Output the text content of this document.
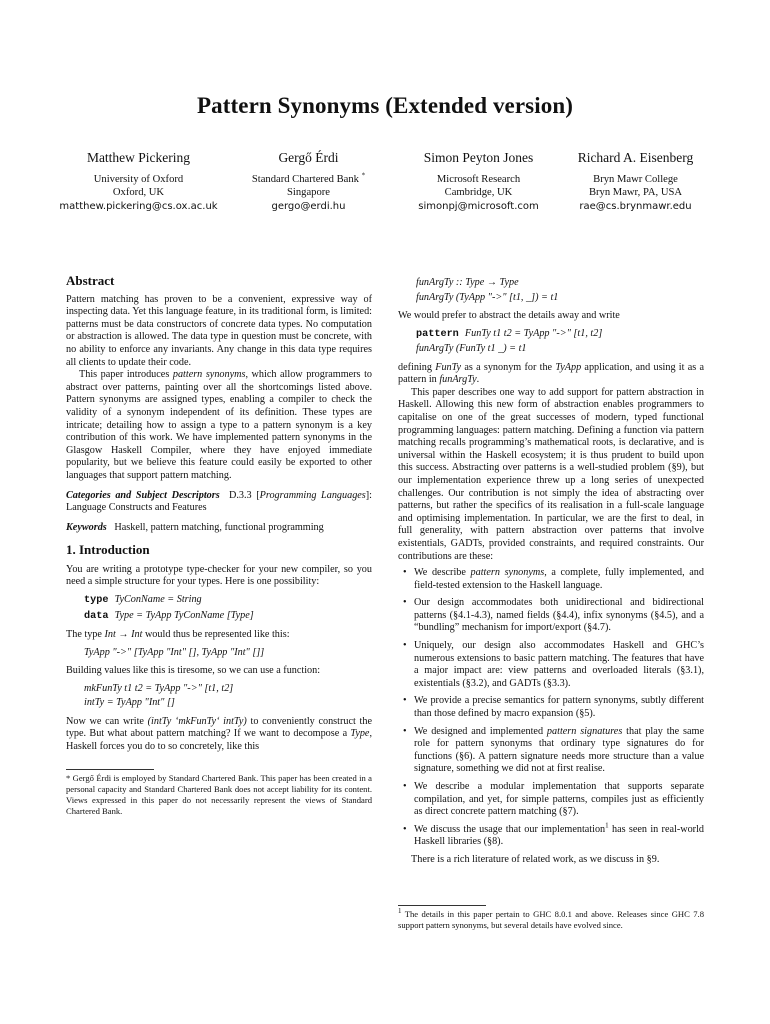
Pattern Synonyms (Extended version)
Matthew Pickering
University of Oxford
Oxford, UK
matthew.pickering@cs.ox.ac.uk
Gergő Érdi
Standard Chartered Bank *
Singapore
gergo@erdi.hu
Simon Peyton Jones
Microsoft Research
Cambridge, UK
simonpj@microsoft.com
Richard A. Eisenberg
Bryn Mawr College
Bryn Mawr, PA, USA
rae@cs.brynmawr.edu
Abstract

Pattern matching has proven to be a convenient, expressive way of inspecting data. Yet this language feature, in its traditional form, is limited: patterns must be data constructors of concrete data types. No computation or abstraction is allowed. The data type in question must be concrete, with no ability to enforce any invariants. Any change in this data type requires all clients to update their code.

This paper introduces pattern synonyms, which allow programmers to abstract over patterns, painting over all the shortcomings listed above. Pattern synonyms are assigned types, enabling a compiler to check the validity of a synonym independent of its definition. These types are intricate; detailing how to assign a type to a pattern synonym is a key contribution of this work. We have implemented pattern synonyms in the Glasgow Haskell Compiler, where they have enjoyed immediate popularity, but we believe this feature could easily be exported to other languages that support pattern matching.

Categories and Subject Descriptors D.3.3 [Programming Languages]: Language Constructs and Features

Keywords Haskell, pattern matching, functional programming

1. Introduction

You are writing a prototype type-checker for your new compiler, so you need a simple structure for your types. Here is one possibility:

type TyConName = String
data Type = TyApp TyConName [Type]

The type Int → Int would thus be represented like this:

TyApp "->" [TyApp "Int" [], TyApp "Int" []]

Building values like this is tiresome, so we can use a function:

mkFunTy t1 t2 = TyApp "->" [t1, t2]
intTy = TyApp "Int" []

Now we can write (intTy ‘mkFunTy‘ intTy) to conveniently construct the type. But what about pattern matching? If we want to decompose a Type, Haskell forces you do to so concretely, like this

* Gergő Érdi is employed by Standard Chartered Bank. This paper has been created in a personal capacity and Standard Chartered Bank does not accept liability for its content. Views expressed in this paper do not necessarily represent the views of Standard Chartered Bank.

funArgTy :: Type → Type
funArgTy (TyApp "->" [t1, _]) = t1

We would prefer to abstract the details away and write

pattern FunTy t1 t2 = TyApp "->" [t1, t2]
funArgTy (FunTy t1 _) = t1

defining FunTy as a synonym for the TyApp application, and using it as a pattern in funArgTy.

This paper describes one way to add support for pattern abstraction in Haskell. Allowing this new form of abstraction enables programmers to capitalise on one of the great successes of modern, typed functional programming languages: pattern matching. Defining a function via pattern matching recalls programming’s mathematical roots, is declarative, and is universal within the Haskell ecosystem; it is thus prudent to build upon this success. Abstracting over patterns is a well-studied problem (§9), but our implementation experience threw up a long series of unexpected challenges. Our contribution is not simply the idea of abstracting over patterns, but rather the specifics of its realisation in a full-scale language and optimising implementation. In particular, we are the first to deal, in full generality, with pattern abstraction over patterns that involve existentials, GADTs, provided constraints, and required constraints. Our contributions are these:

• We describe pattern synonyms, a complete, fully implemented, and field-tested extension to the Haskell language.
• Our design accommodates both unidirectional and bidirectional patterns (§4.1-4.3), named fields (§4.4), infix synonyms (§4.5), and a “bundling” mechanism for import/export (§4.7).
• Uniquely, our design also accommodates Haskell and GHC’s numerous extensions to basic pattern matching. The features that have a major impact are: view patterns and overloaded literals (§3.1), existentials (§3.2), and GADTs (§3.3).
• We provide a precise semantics for pattern synonyms, subtly different than those defined by macro expansion (§5).
• We designed and implemented pattern signatures that play the same role for pattern synonyms that ordinary type signatures do for functions (§6). A pattern signature needs more structure than a value signature, something we did not at first realise.
• We describe a modular implementation that supports separate compilation, and yet, for simple patterns, compiles just as efficiently as direct concrete pattern matching (§7).
• We discuss the usage that our implementation$^1$ has seen in real-world Haskell libraries (§8).

There is a rich literature of related work, as we discuss in §9.

$^1$ The details in this paper pertain to GHC 8.0.1 and above. Releases since GHC 7.8 support pattern synonyms, but several details have evolved since.
